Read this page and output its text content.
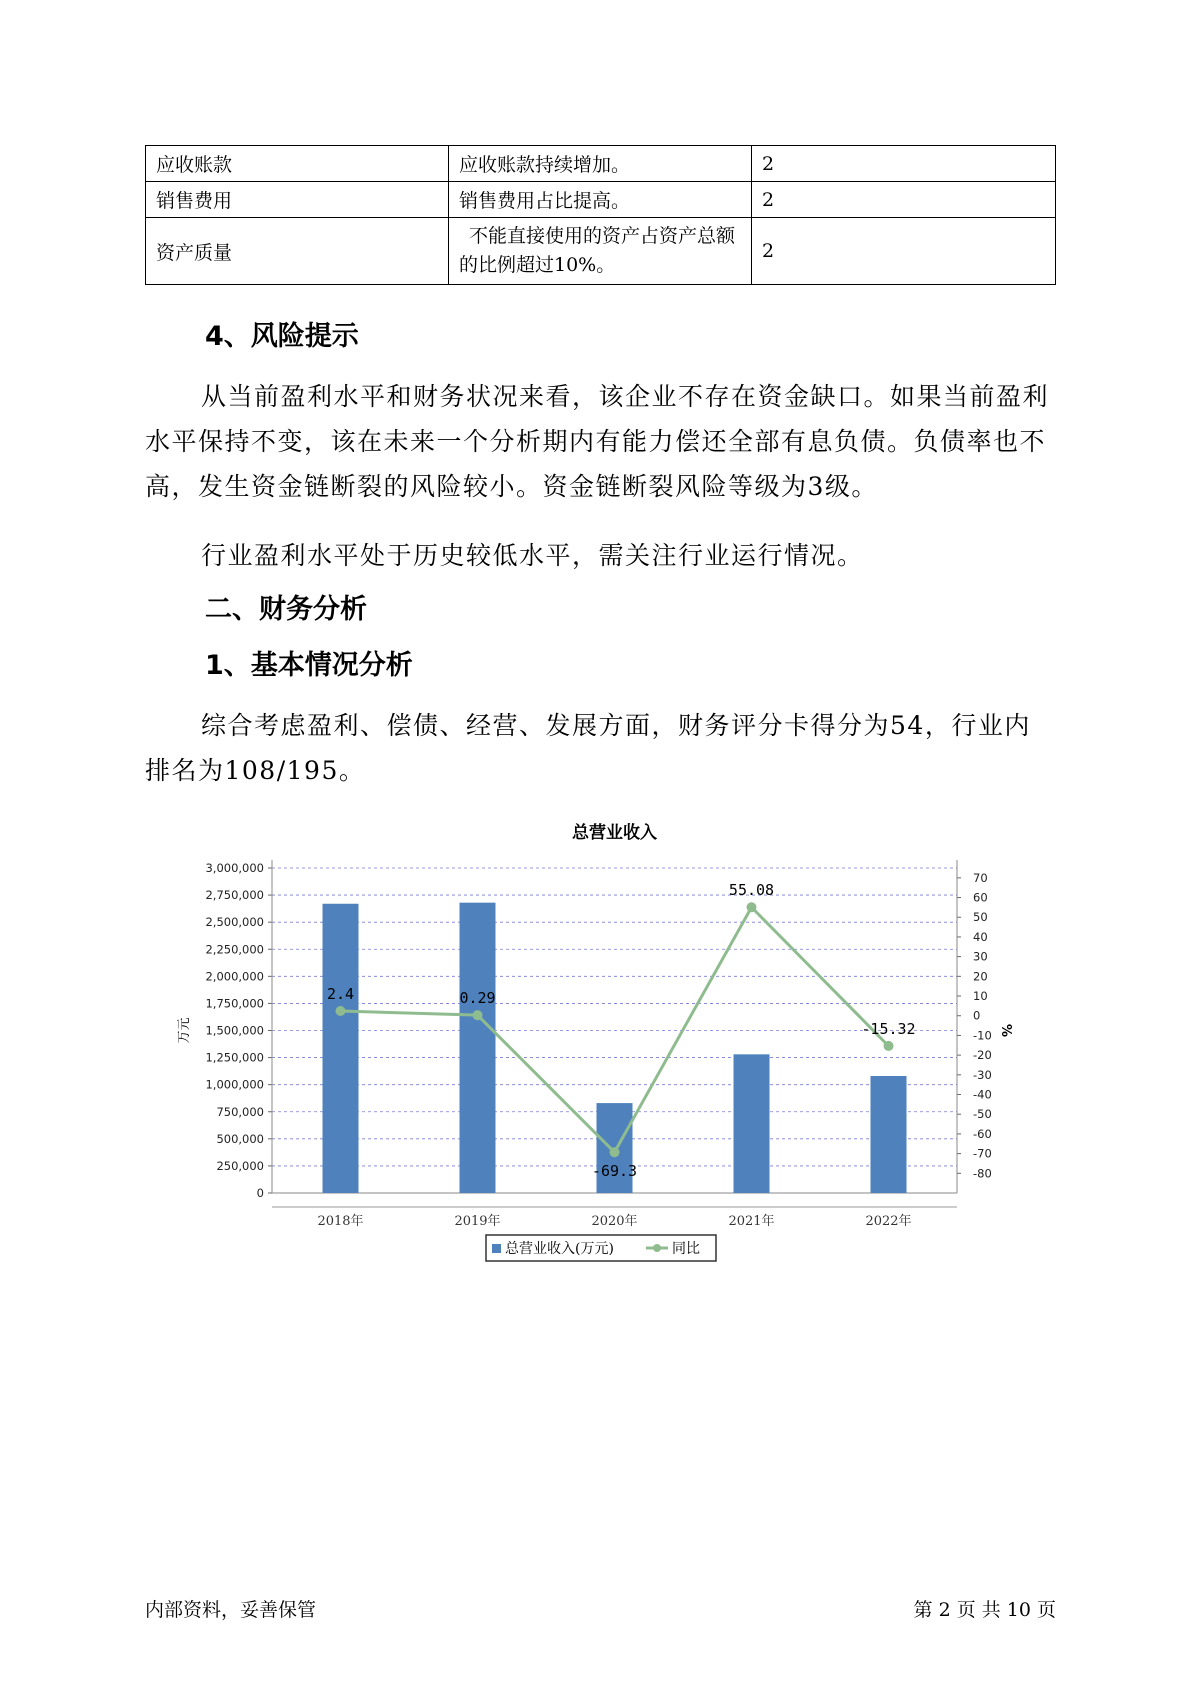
应收账款	应收账款持续增加。	2
销售费用	销售费用占比提高。	2
资产质量	不能直接使用的资产占资产总额的比例超过10%。	2
4、风险提示

从当前盈利水平和财务状况来看，该企业不存在资金缺口。如果当前盈利水平保持不变，该在未来一个分析期内有能力偿还全部有息负债。负债率也不高，发生资金链断裂的风险较小。资金链断裂风险等级为3级。

行业盈利水平处于历史较低水平，需关注行业运行情况。

二、财务分析
1、基本情况分析

综合考虑盈利、偿债、经营、发展方面，财务评分卡得分为54，行业内排名为108/195。

总营业收入
0
250,000
500,000
750,000
1,000,000
1,250,000
1,500,000
1,750,000
2,000,000
2,250,000
2,500,000
2,750,000
3,000,000
-80
-70
-60
-50
-40
-30
-20
-10
0
10
20
30
40
50
60
70
万元	%
2.4	0.29
-69.3
55.08
-15.32
2018年	2019年	2020年	2021年	2022年
总营业收入(万元)	同比
内部资料，妥善保管	第 2 页 共 10 页
